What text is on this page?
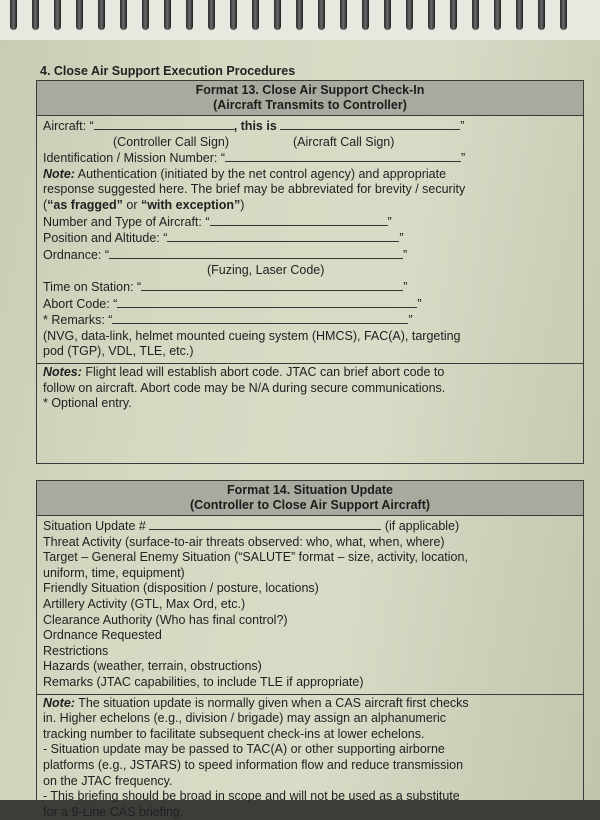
4. Close Air Support Execution Procedures
Format 13. Close Air Support Check-In
(Aircraft Transmits to Controller)
Aircraft: “	, this is	”
(Controller Call Sign)	(Aircraft Call Sign)
Identification / Mission Number: “	”
Note: Authentication (initiated by the net control agency) and appropriate
response suggested here. The brief may be abbreviated for brevity / security
(“as fragged” or “with exception”)
Number and Type of Aircraft: “	”
Position and Altitude: “	”
Ordnance: “	”
(Fuzing, Laser Code)
Time on Station: “	”
Abort Code: “	”
* Remarks: “	”
(NVG, data-link, helmet mounted cueing system (HMCS), FAC(A), targeting
pod (TGP), VDL, TLE, etc.)
Notes: Flight lead will establish abort code. JTAC can brief abort code to
follow on aircraft. Abort code may be N/A during secure communications.
* Optional entry.
Format 14. Situation Update
(Controller to Close Air Support Aircraft)
Situation Update #	(if applicable)
Threat Activity (surface-to-air threats observed: who, what, when, where)
Target – General Enemy Situation (“SALUTE” format – size, activity, location,
uniform, time, equipment)
Friendly Situation (disposition / posture, locations)
Artillery Activity (GTL, Max Ord, etc.)
Clearance Authority (Who has final control?)
Ordnance Requested
Restrictions
Hazards (weather, terrain, obstructions)
Remarks (JTAC capabilities, to include TLE if appropriate)
Note: The situation update is normally given when a CAS aircraft first checks
in. Higher echelons (e.g., division / brigade) may assign an alphanumeric
tracking number to facilitate subsequent check-ins at lower echelons.
- Situation update may be passed to TAC(A) or other supporting airborne
platforms (e.g., JSTARS) to speed information flow and reduce transmission
on the JTAC frequency.
- This briefing should be broad in scope and will not be used as a substitute
for a 9-Line CAS briefing.
